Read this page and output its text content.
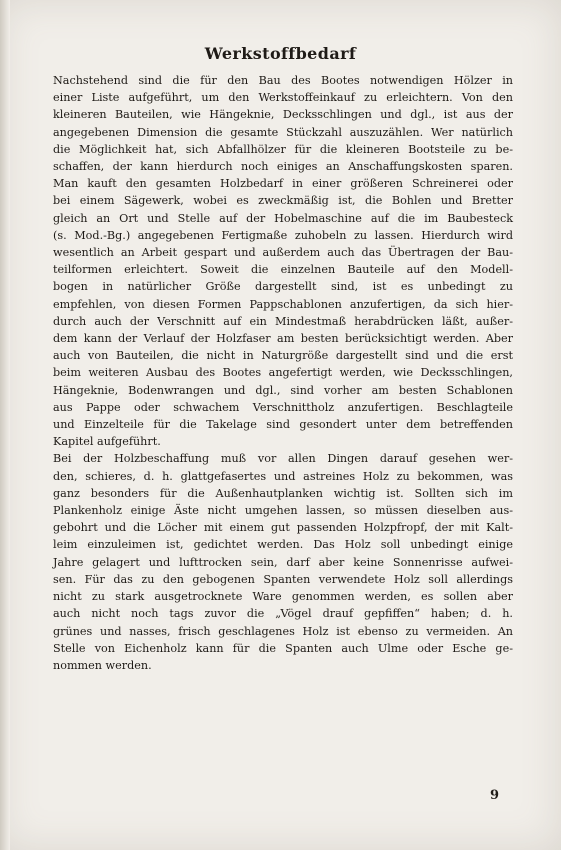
Werkstoffbedarf
Nachstehend sind die für den Bau des Bootes notwendigen Hölzer in
einer Liste aufgeführt, um den Werkstoffeinkauf zu erleichtern. Von den
kleineren Bauteilen, wie Hängeknie, Decksschlingen und dgl., ist aus der
angegebenen Dimension die gesamte Stückzahl auszuzählen. Wer natürlich
die Möglichkeit hat, sich Abfallhölzer für die kleineren Bootsteile zu be-
schaffen, der kann hierdurch noch einiges an Anschaffungskosten sparen.
Man kauft den gesamten Holzbedarf in einer größeren Schreinerei oder
bei einem Sägewerk, wobei es zweckmäßig ist, die Bohlen und Bretter
gleich an Ort und Stelle auf der Hobelmaschine auf die im Baubesteck
(s. Mod.-Bg.) angegebenen Fertigmaße zuhobeln zu lassen. Hierdurch wird
wesentlich an Arbeit gespart und außerdem auch das Übertragen der Bau-
teilformen erleichtert. Soweit die einzelnen Bauteile auf den Modell-
bogen in natürlicher Größe dargestellt sind, ist es unbedingt zu
empfehlen, von diesen Formen Pappschablonen anzufertigen, da sich hier-
durch auch der Verschnitt auf ein Mindestmaß herabdrücken läßt, außer-
dem kann der Verlauf der Holzfaser am besten berücksichtigt werden. Aber
auch von Bauteilen, die nicht in Naturgröße dargestellt sind und die erst
beim weiteren Ausbau des Bootes angefertigt werden, wie Decksschlingen,
Hängeknie, Bodenwrangen und dgl., sind vorher am besten Schablonen
aus Pappe oder schwachem Verschnittholz anzufertigen. Beschlagteile
und Einzelteile für die Takelage sind gesondert unter dem betreffenden
Kapitel aufgeführt.
Bei der Holzbeschaffung muß vor allen Dingen darauf gesehen wer-
den, schieres, d. h. glattgefasertes und astreines Holz zu bekommen, was
ganz besonders für die Außenhautplanken wichtig ist. Sollten sich im
Plankenholz einige Äste nicht umgehen lassen, so müssen dieselben aus-
gebohrt und die Löcher mit einem gut passenden Holzpfropf, der mit Kalt-
leim einzuleimen ist, gedichtet werden. Das Holz soll unbedingt einige
Jahre gelagert und lufttrocken sein, darf aber keine Sonnenrisse aufwei-
sen. Für das zu den gebogenen Spanten verwendete Holz soll allerdings
nicht zu stark ausgetrocknete Ware genommen werden, es sollen aber
auch nicht noch tags zuvor die „Vögel drauf gepfiffen“ haben; d. h.
grünes und nasses, frisch geschlagenes Holz ist ebenso zu vermeiden. An
Stelle von Eichenholz kann für die Spanten auch Ulme oder Esche ge-
nommen werden.
9
